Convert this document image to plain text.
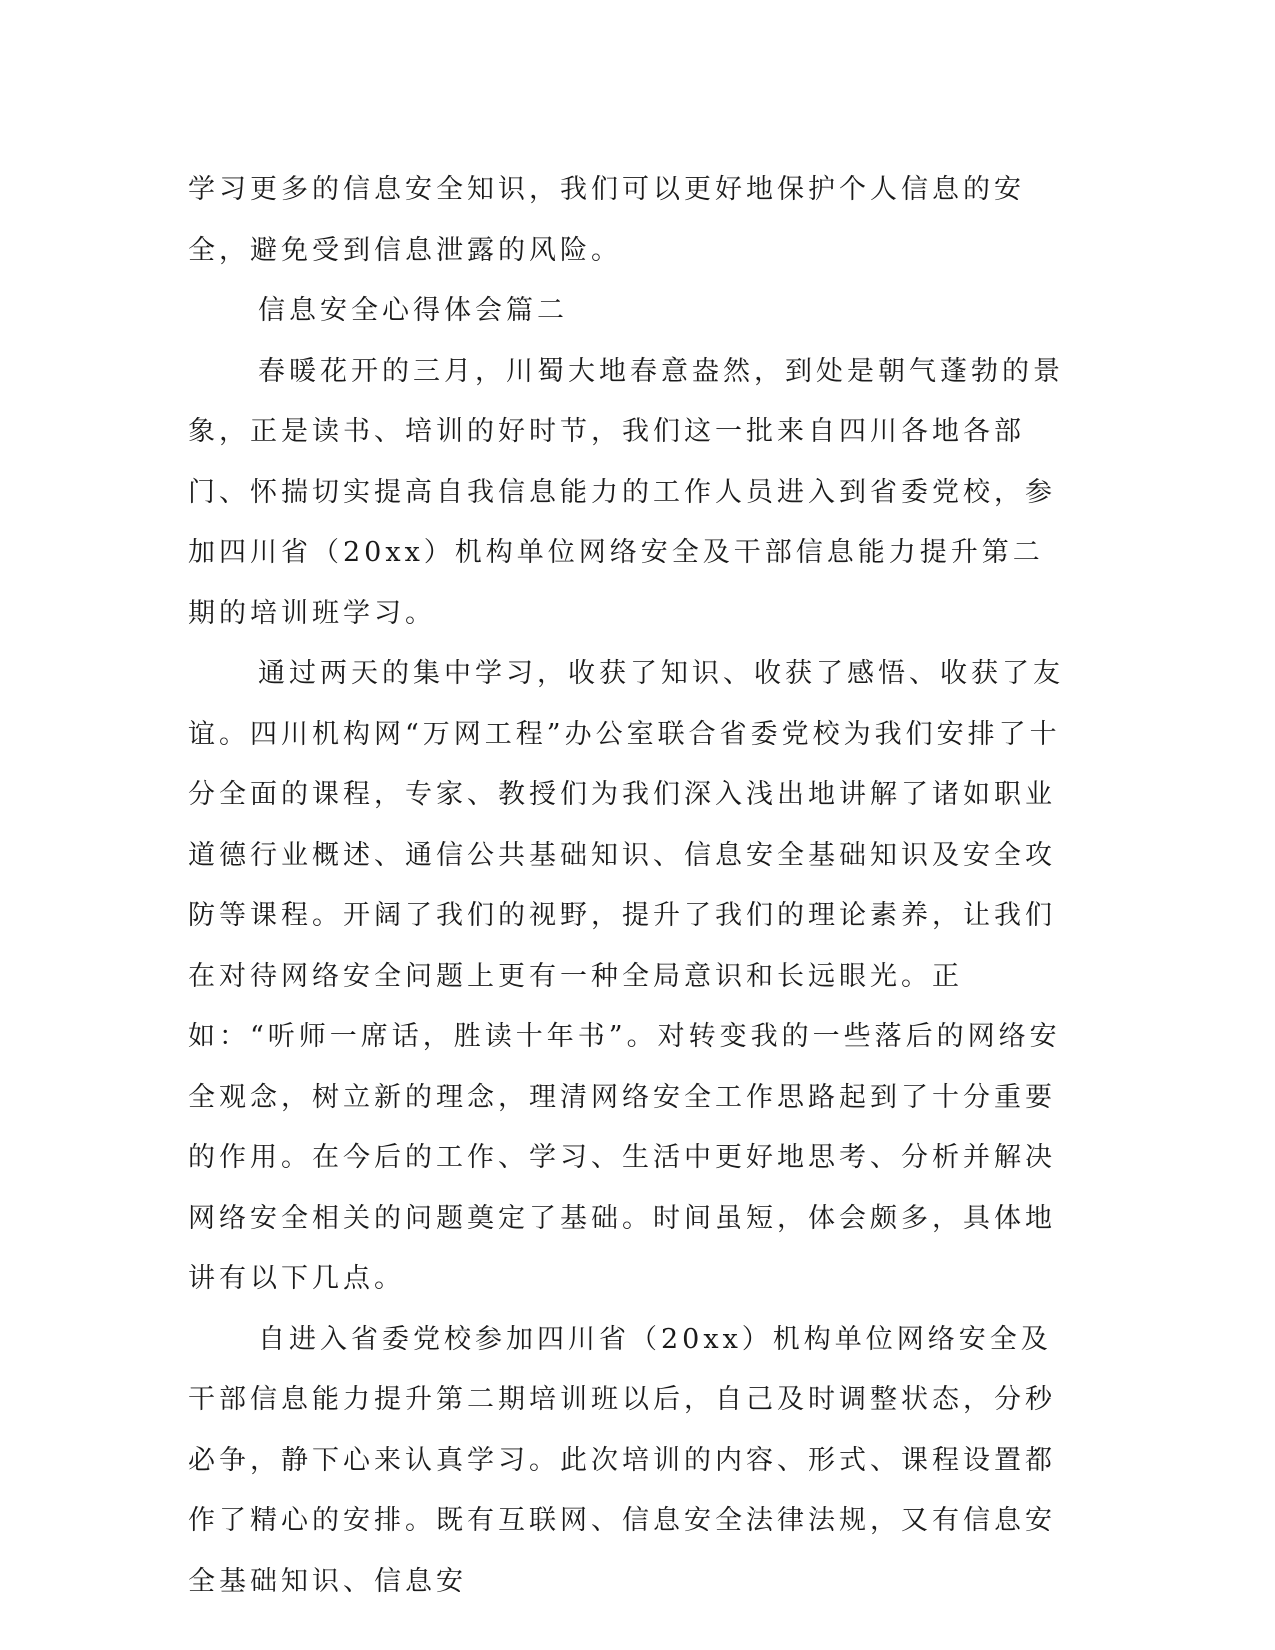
学习更多的信息安全知识，我们可以更好地保护个人信息的安全，避免受到信息泄露的风险。

信息安全心得体会篇二

春暖花开的三月，川蜀大地春意盎然，到处是朝气蓬勃的景象，正是读书、培训的好时节，我们这一批来自四川各地各部门、怀揣切实提高自我信息能力的工作人员进入到省委党校，参加四川省（20xx）机构单位网络安全及干部信息能力提升第二期的培训班学习。

通过两天的集中学习，收获了知识、收获了感悟、收获了友谊。四川机构网“万网工程”办公室联合省委党校为我们安排了十分全面的课程，专家、教授们为我们深入浅出地讲解了诸如职业道德行业概述、通信公共基础知识、信息安全基础知识及安全攻防等课程。开阔了我们的视野，提升了我们的理论素养，让我们在对待网络安全问题上更有一种全局意识和长远眼光。正如：“听师一席话，胜读十年书”。对转变我的一些落后的网络安全观念，树立新的理念，理清网络安全工作思路起到了十分重要的作用。在今后的工作、学习、生活中更好地思考、分析并解决网络安全相关的问题奠定了基础。时间虽短，体会颇多，具体地讲有以下几点。

自进入省委党校参加四川省（20xx）机构单位网络安全及干部信息能力提升第二期培训班以后，自己及时调整状态，分秒必争，静下心来认真学习。此次培训的内容、形式、课程设置都作了精心的安排。既有互联网、信息安全法律法规，又有信息安全基础知识、信息安
